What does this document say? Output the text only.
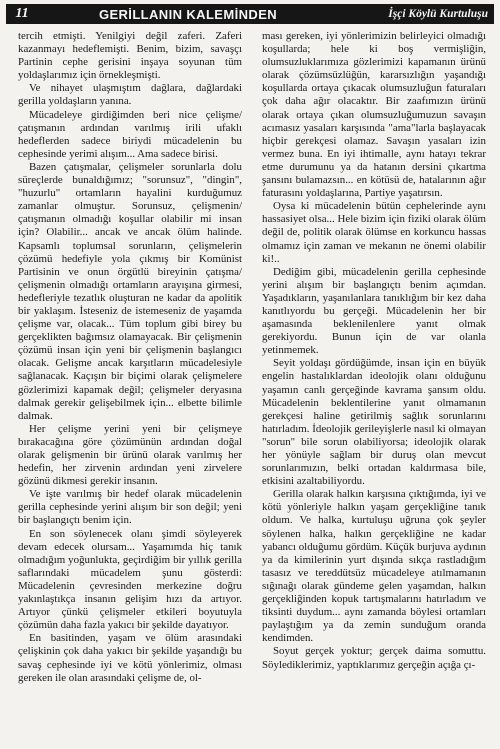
11	GERİLLANIN KALEMİNDEN	İşçi Köylü Kurtuluşu

tercih etmişti. Yenilgiyi değil zaferi. Zaferi kazanmayı hedeflemişti. Benim, bizim, savaşçı Partinin cephe gerisini inşaya soyunan tüm yoldaşlarımız için örnekleşmişti.

Ve nihayet ulaşmıştım dağlara, dağlardaki gerilla yoldaşların yanına.

Mücadeleye girdiğimden beri nice çelişme/çatışmanın ardından varılmış irili ufaklı hedeflerden sadece biriydi mücadelenin bu cephesinde yerimi alışım... Ama sadece birisi.

Bazen çatışmalar, çelişmeler sorunlarla dolu süreçlerde bunaldığımız; "sorunsuz", "dingin", "huzurlu" ortamların hayalini kurduğumuz zamanlar olmuştur. Sorunsuz, çelişmenin/çatışmanın olmadığı koşullar olabilir mi insan için? Olabilir... ancak ve ancak ölüm halinde. Kapsamlı toplumsal sorunların, çelişmelerin çözümü hedefiyle yola çıkmış bir Komünist Partisinin ve onun örgütlü bireyinin çatışma/çelişmenin olmadığı ortamların arayışına girmesi, hedefleriyle tezatlık oluşturan ne kadar da apolitik bir yaklaşım. İsteseniz de istemeseniz de yaşamda çelişme var, olacak... Tüm toplum gibi birey bu gerçeklikten bağımsız olamayacak. Bir çelişmenin çözümü insan için yeni bir çelişmenin başlangıcı olacak. Gelişme ancak karşıtların mücadelesiyle sağlanacak. Kaçışın bir biçimi olarak çelişmelere gözlerimizi kapamak değil; çelişmeler deryasına dalmak gerekir gelişebilmek için... elbette bilimle dalmak.

Her çelişme yerini yeni bir çelişmeye bırakacağına göre çözümünün ardından doğal olarak gelişmenin bir ürünü olarak varılmış her hedefin, her zirvenin ardından yeni zirvelere gözünü dikmesi gerekir insanın.

Ve işte varılmış bir hedef olarak mücadelenin gerilla cephesinde yerini alışım bir son değil; yeni bir başlangıçtı benim için.

En son söylenecek olanı şimdi söyleyerek devam edecek olursam... Yaşamımda hiç tanık olmadığım yoğunlukta, geçirdiğim bir yıllık gerilla saflarındaki mücadelem şunu gösterdi: Mücadelenin çevresinden merkezine doğru yakınlaştıkça insanın gelişim hızı da artıyor. Artıyor çünkü çelişmeler etkileri boyutuyla çözümün daha fazla yakıcı bir şekilde dayatıyor.

En basitinden, yaşam ve ölüm arasındaki çelişkinin çok daha yakıcı bir şekilde yaşandığı bu savaş cephesinde iyi ve kötü yönlerimiz, olması gereken ile olan arasındaki çelişme de, ol-

ması gereken, iyi yönlerimizin belirleyici olmadığı koşullarda; hele ki boş vermişliğin, olumsuzluklarımıza gözlerimizi kapamanın ürünü olarak çözümsüzlüğün, kararsızlığın yaşandığı koşullarda ortaya çıkacak olumsuzluğun faturaları çok daha ağır olacaktır. Bir zaafımızın ürünü olarak ortaya çıkan olumsuzluğumuzun savaşın acımasız yasaları karşısında "ama"larla başlayacak hiçbir gerekçesi olamaz. Savaşın yasaları izin vermez buna. En iyi ihtimalle, aynı hatayı tekrar etme durumunu ya da hatanın dersini çıkartma şansını bulamazsın... en kötüsü de, hatalarının ağır faturasını yoldaşlarına, Partiye yaşatırsın.

Oysa ki mücadelenin bütün cephelerinde aynı hassasiyet olsa... Hele bizim için fiziki olarak ölüm değil de, politik olarak ölümse en korkuncu hassas olmamız için zaman ve mekanın ne önemi olabilir ki!..

Dediğim gibi, mücadelenin gerilla cephesinde yerini alışım bir başlangıçtı benim açımdan. Yaşadıkların, yaşanılanlara tanıklığım bir kez daha kanıtlıyordu bu gerçeği. Mücadelenin her bir aşamasında beklenilenlere yanıt olmak gerekiyordu. Bunun için de var olanla yetinmemek.

Seyit yoldaşı gördüğümde, insan için en büyük engelin hastalıklardan ideolojik olanı olduğunu yaşamın canlı gerçeğinde kavrama şansım oldu. Mücadelenin beklentilerine yanıt olmamanın gerekçesi haline getirilmiş sağlık sorunlarını hatırladım. İdeolojik gerileyişlerle nasıl ki olmayan "sorun" bile sorun olabiliyorsa; ideolojik olarak her yönüyle sağlam bir duruş olan mevcut sorunlarımızın, belki ortadan kaldırmasa bile, etkisini azaltabiliyordu.

Gerilla olarak halkın karşısına çıktığımda, iyi ve kötü yönleriyle halkın yaşam gerçekliğine tanık oldum. Ve halka, kurtuluşu uğruna çok şeyler söylenen halka, halkın gerçekliğine ne kadar yabancı olduğumu gördüm. Küçük burjuva aydının ya da kimilerinin yurt dışında sıkça rastladığım tasasız ve tereddütsüz mücadeleye atılmamanın sığınağı olarak gündeme gelen yaşamdan, halkın gerçekliğinden kopuk tartışmalarını hatırladım ve tiksinti duydum... aynı zamanda böylesi ortamları paylaştığım ya da zemin sunduğum oranda kendimden.

Soyut gerçek yoktur; gerçek daima somuttu. Söylediklerimiz, yaptıklarımız gerçeğin açığa çı-
